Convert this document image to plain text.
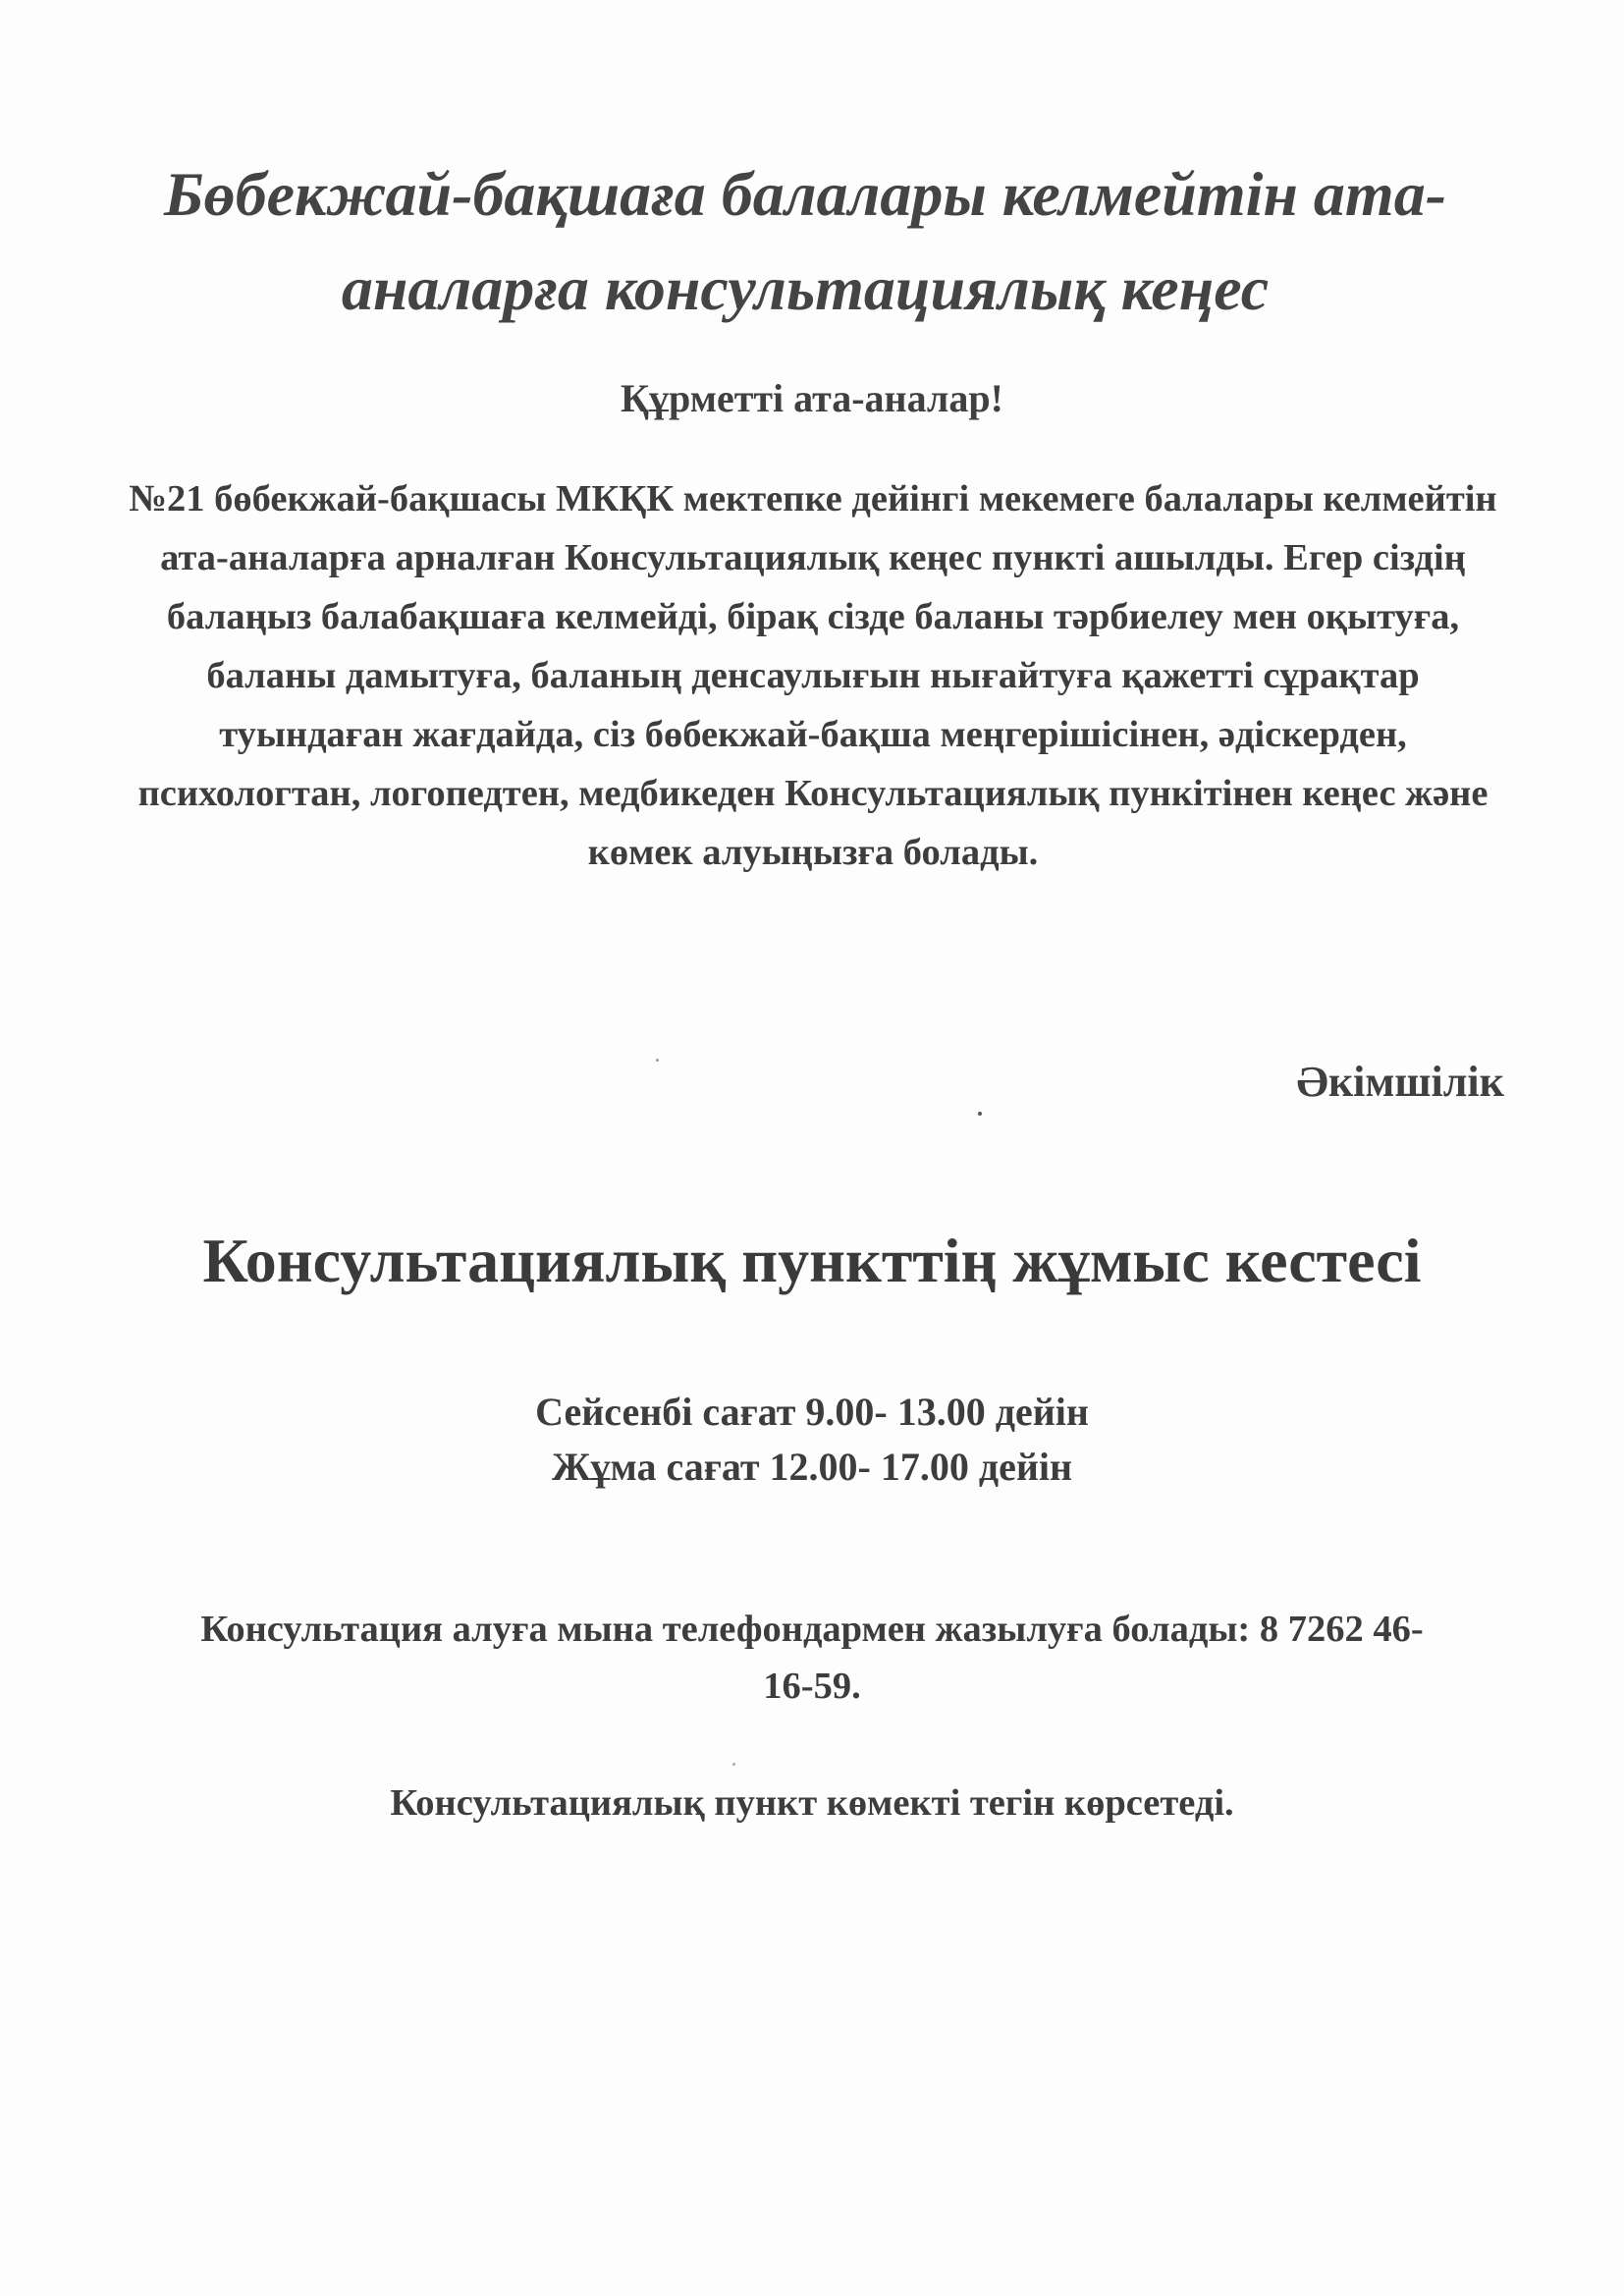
Бөбекжай-бақшаға балалары келмейтін ата-аналарға консультациялық кеңес

Құрметті ата-аналар!

№21 бөбекжай-бақшасы МКҚК мектепке дейінгі мекемеге балалары келмейтін ата-аналарға арналған Консультациялық кеңес пункті ашылды. Егер сіздің балаңыз балабақшаға келмейді, бірақ сізде баланы тәрбиелеу мен оқытуға, баланы дамытуға, баланың денсаулығын нығайтуға қажетті сұрақтар туындаған жағдайда, сіз бөбекжай-бақша меңгерішісінен, әдіскерден, психологтан, логопедтен, медбикеден Консультациялық пункітінен кеңес және көмек алуыңызға болады.

Әкімшілік

Консультациялық пункттің жұмыс кестесі
Сейсенбі сағат 9.00- 13.00 дейін
Жұма сағат 12.00- 17.00 дейін

Консультация алуға мына телефондармен жазылуға болады: 8 7262 46-16-59.

Консультациялық пункт көмекті тегін көрсетеді.
